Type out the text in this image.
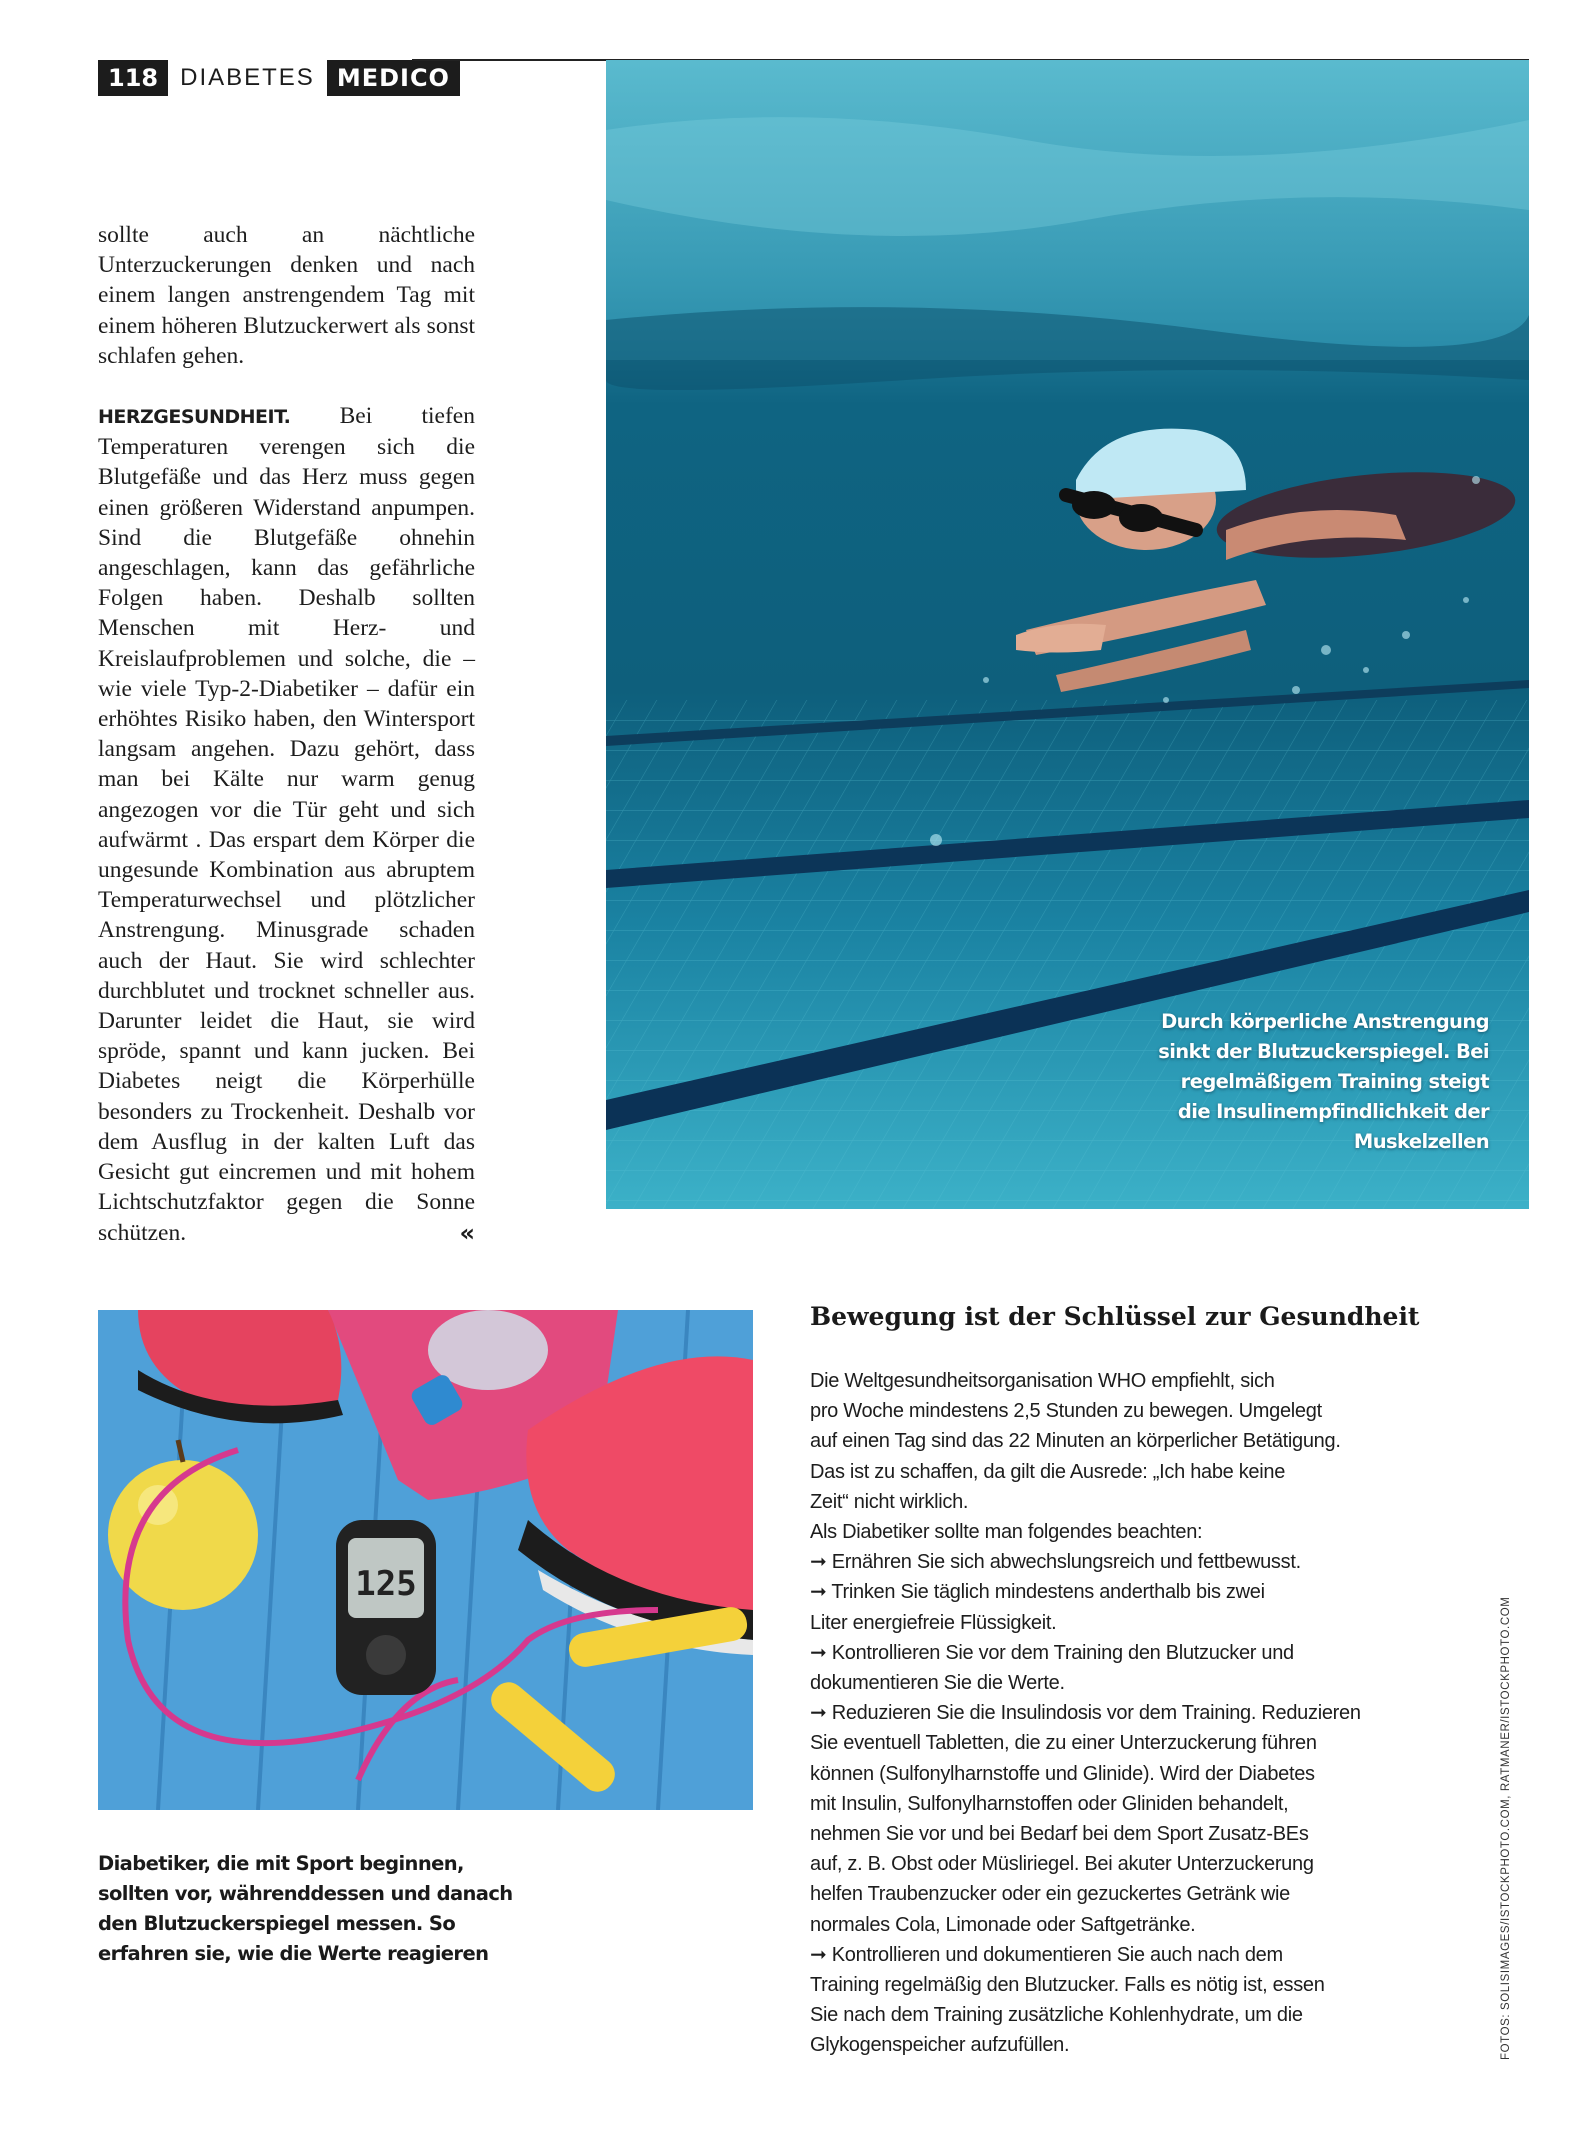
118 DIABETES MEDICO

sollte auch an nächtliche Unterzuckerungen denken und nach einem langen anstrengendem Tag mit einem höheren Blutzuckerwert als sonst schlafen gehen.

HERZGESUNDHEIT. Bei tiefen Temperaturen verengen sich die Blutgefäße und das Herz muss gegen einen größeren Widerstand anpumpen. Sind die Blutgefäße ohnehin angeschlagen, kann das gefährliche Folgen haben. Deshalb sollten Menschen mit Herz- und Kreislaufproblemen und solche, die – wie viele Typ-2-Diabetiker – dafür ein erhöhtes Risiko haben, den Wintersport langsam angehen. Dazu gehört, dass man bei Kälte nur warm genug angezogen vor die Tür geht und sich aufwärmt . Das erspart dem Körper die ungesunde Kombination aus abruptem Temperaturwechsel und plötzlicher Anstrengung. Minusgrade schaden auch der Haut. Sie wird schlechter durchblutet und trocknet schneller aus. Darunter leidet die Haut, sie wird spröde, spannt und kann jucken. Bei Diabetes neigt die Körperhülle besonders zu Trockenheit. Deshalb vor dem Ausflug in der kalten Luft das Gesicht gut eincremen und mit hohem Lichtschutzfaktor gegen die Sonne schützen.	«

Durch körperliche Anstrengung sinkt der Blutzuckerspiegel. Bei regelmäßigem Training steigt die Insulinempfindlichkeit der Muskelzellen
125
Diabetiker, die mit Sport beginnen, sollten vor, währenddessen und danach den Blutzuckerspiegel messen. So erfahren sie, wie die Werte reagieren
Bewegung ist der Schlüssel zur Gesundheit
Die Weltgesundheitsorganisation WHO empfiehlt, sich
pro Woche mindestens 2,5 Stunden zu bewegen. Umgelegt
auf einen Tag sind das 22 Minuten an körperlicher Betätigung.
Das ist zu schaffen, da gilt die Ausrede: „Ich habe keine
Zeit“ nicht wirklich.
Als Diabetiker sollte man folgendes beachten:
➞ Ernähren Sie sich abwechslungsreich und fettbewusst.
➞ Trinken Sie täglich mindestens anderthalb bis zwei
Liter energiefreie Flüssigkeit.
➞ Kontrollieren Sie vor dem Training den Blutzucker und
dokumentieren Sie die Werte.
➞ Reduzieren Sie die Insulindosis vor dem Training. Reduzieren
Sie eventuell Tabletten, die zu einer Unterzuckerung führen
können (Sulfonylharnstoffe und Glinide). Wird der Diabetes
mit Insulin, Sulfonylharnstoffen oder Gliniden behandelt,
nehmen Sie vor und bei Bedarf bei dem Sport Zusatz-BEs
auf, z. B. Obst oder Müsliriegel. Bei akuter Unterzuckerung
helfen Traubenzucker oder ein gezuckertes Getränk wie
normales Cola, Limonade oder Saftgetränke.
➞ Kontrollieren und dokumentieren Sie auch nach dem
Training regelmäßig den Blutzucker. Falls es nötig ist, essen
Sie nach dem Training zusätzliche Kohlenhydrate, um die
Glykogenspeicher aufzufüllen.	FOTOS: SOLISIMAGES/ISTOCKPHOTO.COM, RATMANER/ISTOCKPHOTO.COM
